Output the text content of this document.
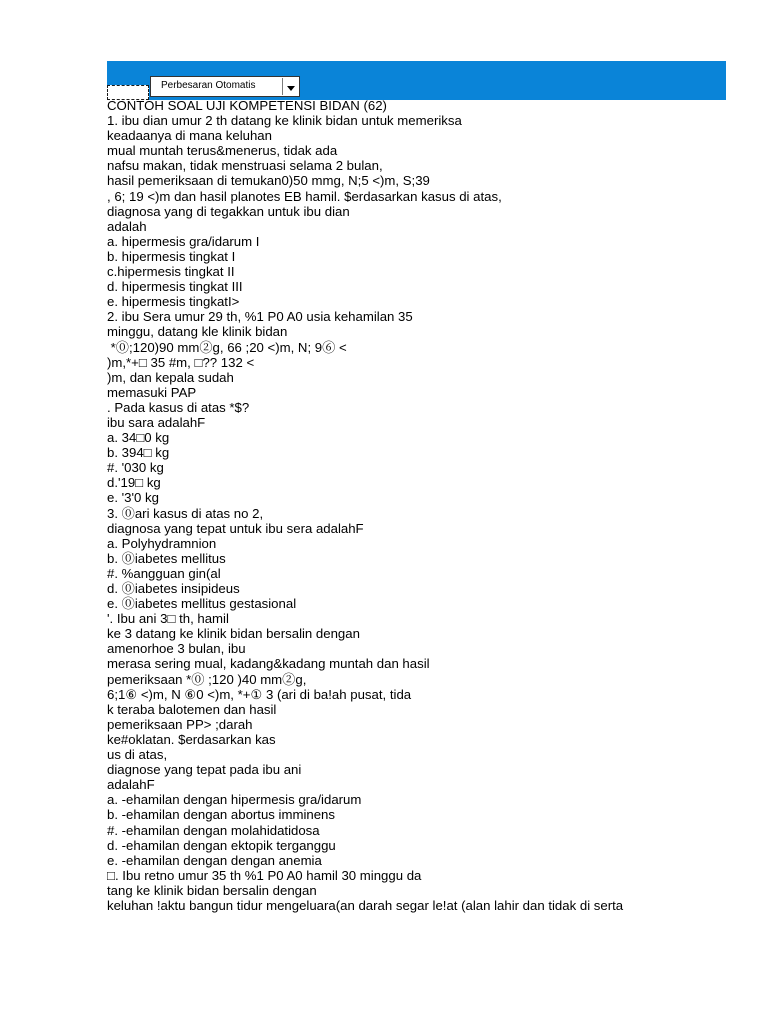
Perbesaran Otomatis
CONTOH SOAL UJI KOMPETENSI BIDAN (62)
1. ibu dian umur 2 th datang ke klinik bidan untuk memeriksa
keadaanya di mana keluhan
mual muntah terus&menerus, tidak ada
nafsu makan, tidak menstruasi selama 2 bulan,
hasil pemeriksaan di temukan0)50 mmg, N;5 <)m, S;39
, 6; 19 <)m dan hasil planotes EB hamil. $erdasarkan kasus di atas,
diagnosa yang di tegakkan untuk ibu dian
adalah
a. hipermesis gra/idarum I
b. hipermesis tingkat I
c.hipermesis tingkat II
d. hipermesis tingkat III
e. hipermesis tingkatI>
2. ibu Sera umur 29 th, %1 P0 A0 usia kehamilan 35
minggu, datang kle klinik bidan
*⓪;120)90 mm②g, 66 ;20 <)m, N; 9⑥ <
)m,*+□ 35 #m, □?? 132 <
)m, dan kepala sudah
memasuki PAP
. Pada kasus di atas *$?
ibu sara adalahF
a. 34□0 kg
b. 394□ kg
#. '030 kg
d.'19□ kg
e. '3'0 kg
3. ⓪ari kasus di atas no 2,
diagnosa yang tepat untuk ibu sera adalahF
a. Polyhydramnion
b. ⓪iabetes mellitus
#. %angguan gin(al
d. ⓪iabetes insipideus
e. ⓪iabetes mellitus gestasional
'. Ibu ani 3□ th, hamil
ke 3 datang ke klinik bidan bersalin dengan
amenorhoe 3 bulan, ibu
merasa sering mual, kadang&kadang muntah dan hasil
pemeriksaan *⓪ ;120 )40 mm②g,
6;1⑥ <)m, N ⑥0 <)m, *+① 3 (ari di ba!ah pusat, tida
k teraba balotemen dan hasil
pemeriksaan PP> ;darah
ke#oklatan. $erdasarkan kas
us di atas,
diagnose yang tepat pada ibu ani
adalahF
a. -ehamilan dengan hipermesis gra/idarum
b. -ehamilan dengan abortus imminens
#. -ehamilan dengan molahidatidosa
d. -ehamilan dengan ektopik terganggu
e. -ehamilan dengan dengan anemia
□. Ibu retno umur 35 th %1 P0 A0 hamil 30 minggu da
tang ke klinik bidan bersalin dengan
keluhan !aktu bangun tidur mengeluara(an darah segar le!at (alan lahir dan tidak di serta
